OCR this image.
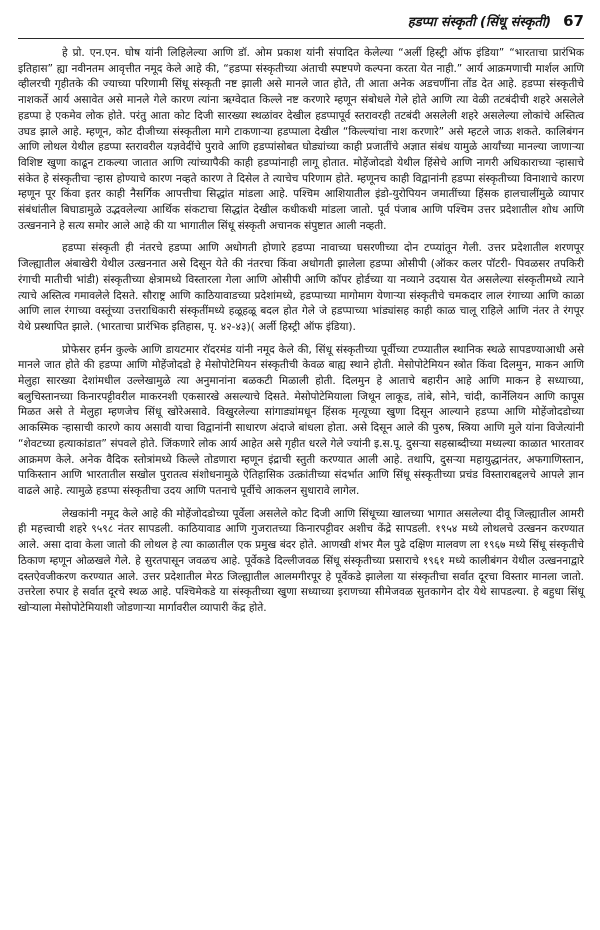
हडप्पा संस्कृती (सिंधू संस्कृती) 67

हे प्रो. एन.एन. घोष यांनी लिहिलेल्या आणि डॉ. ओम प्रकाश यांनी संपादित केलेल्या “अर्ली हिस्ट्री ऑफ इंडिया” “भारताचा प्रारंभिक इतिहास” ह्या नवीनतम आवृत्तीत नमूद केले आहे की, “हडप्पा संस्कृतीच्या अंताची स्पष्टपणे कल्पना करता येत नाही.” आर्य आक्रमणाची मार्शल आणि व्हीलरची गृहीतके की ज्याच्या परिणामी सिंधू संस्कृती नष्ट झाली असे मानले जात होते, ती आता अनेक अडचणींना तोंड देत आहे. हडप्पा संस्कृतीचे नाशकर्ते आर्य असावेत असे मानले गेले कारण त्यांना ऋग्वेदात किल्ले नष्ट करणारे म्हणून संबोधले गेले होते आणि त्या वेळी तटबंदीची शहरे असलेले हडप्पा हे एकमेव लोक होते. परंतु आता कोट दिजी सारख्या स्थळांवर देखील हडप्पापूर्व स्तरावरही तटबंदी असलेली शहरे असलेल्या लोकांचे अस्तित्व उघड झाले आहे. म्हणून, कोट दीजीच्या संस्कृतीला मागे टाकणाऱ्या हडप्पाला देखील “किल्ल्यांचा नाश करणारे” असे म्हटले जाऊ शकते. कालिबंगन आणि लोथल येथील हडप्पा स्तरावरील यज्ञवेदींचे पुरावे आणि हडप्पांसोबत घोड्यांच्या काही प्रजातींचे अज्ञात संबंध यामुळे आर्यांच्या मानल्या जाणाऱ्या विशिष्ट खुणा काढून टाकल्या जातात आणि त्यांच्यापैकी काही हडप्पांनाही लागू होतात. मोहेंजोदडो येथील हिंसेचे आणि नागरी अधिकाराच्या ऱ्हासाचे संकेत हे संस्कृतीचा ऱ्हास होण्याचे कारण नव्हते कारण ते दिसेल ते त्याचेच परिणाम होते. म्हणूनच काही विद्वानांनी हडप्पा संस्कृतीच्या विनाशाचे कारण म्हणून पूर किंवा इतर काही नैसर्गिक आपत्तीचा सिद्धांत मांडला आहे. पश्चिम आशियातील इंडो-युरोपियन जमातींच्या हिंसक हालचालींमुळे व्यापार संबंधांतील बिघाडामुळे उद्भवलेल्या आर्थिक संकटाचा सिद्धांत देखील कधीकधी मांडला जातो. पूर्व पंजाब आणि पश्चिम उत्तर प्रदेशातील शोध आणि उत्खननाने हे सत्य समोर आले आहे की या भागातील सिंधू संस्कृती अचानक संपुष्टात आली नव्हती.

हडप्पा संस्कृती ही नंतरचे हडप्पा आणि अधोगती होणारे हडप्पा नावाच्या घसरणीच्या दोन टप्प्यांतून गेली. उत्तर प्रदेशातील शरणपूर जिल्ह्यातील अंबाखेरी येथील उत्खननात असे दिसून येते की नंतरचा किंवा अधोगती झालेला हडप्पा ओसीपी (ऑकर कलर पॉटरी- पिवळसर तपकिरी रंगाची मातीची भांडी) संस्कृतीच्या क्षेत्रामध्ये विस्तारला गेला आणि ओसीपी आणि कॉपर होर्डच्या या नव्याने उदयास येत असलेल्या संस्कृतीमध्ये त्याने त्याचे अस्तित्व गमावलेले दिसते. सौराष्ट्र आणि काठियावाडच्या प्रदेशांमध्ये, हडप्पाच्या मागोमाग येणाऱ्या संस्कृतीचे चमकदार लाल रंगाच्या आणि काळा आणि लाल रंगाच्या वस्तूंच्या उत्तराधिकारी संस्कृतींमध्ये हळूहळू बदल होत गेले जे हडप्पाच्या भांड्यांसह काही काळ चालू राहिले आणि नंतर ते रंगपूर येथे प्रस्थापित झाले. (भारताचा प्रारंभिक इतिहास, पृ. ४२-४३)( अर्ली हिस्ट्री ऑफ इंडिया).

प्रोफेसर हर्मन कुल्के आणि डायटमार रॉदरमंड यांनी नमूद केले की, सिंधू संस्कृतीच्या पूर्वीच्या टप्प्यातील स्थानिक स्थळे सापडण्याआधी असे मानले जात होते की हडप्पा आणि मोहेंजोदडो हे मेसोपोटेमियन संस्कृतीची केवळ बाह्य स्थाने होती. मेसोपोटेमियन स्त्रोत किंवा दिलमुन, माकन आणि मेलुहा सारख्या देशांमधील उल्लेखामुळे त्या अनुमानांना बळकटी मिळाली होती. दिलमुन हे आताचे बहारीन आहे आणि माकन हे सध्याच्या, बलुचिस्तानच्या किनारपट्टीवरील माकरनशी एकसारखे असल्याचे दिसते. मेसोपोटेमियाला जिथून लाकूड, तांबे, सोने, चांदी, कार्नेलियन आणि कापूस मिळत असे ते मेलुहा म्हणजेच सिंधू खोरेअसावे. विखुरलेल्या सांगाड्यांमधून हिंसक मृत्यूच्या खुणा दिसून आल्याने हडप्पा आणि मोहेंजोदडोच्या आकस्मिक ऱ्हासाची कारणे काय असावी याचा विद्वानांनी साधारण अंदाजे बांधला होता. असे दिसून आले की पुरुष, स्त्रिया आणि मुले यांना विजेत्यांनी “शेवटच्या हत्याकांडात” संपवले होते. जिंकणारे लोक आर्य आहेत असे गृहीत धरले गेले ज्यांनी इ.स.पू. दुसऱ्या सहस्राब्दीच्या मध्यल्या काळात भारतावर आक्रमण केले. अनेक वैदिक स्तोत्रांमध्ये किल्ले तोडणारा म्हणून इंद्राची स्तुती करण्यात आली आहे. तथापि, दुसऱ्या महायुद्धानंतर, अफगाणिस्तान, पाकिस्तान आणि भारतातील सखोल पुरातत्व संशोधनामुळे ऐतिहासिक उत्क्रांतीच्या संदर्भात आणि सिंधू संस्कृतीच्या प्रचंड विस्ताराबद्दलचे आपले ज्ञान वाढले आहे. त्यामुळे हडप्पा संस्कृतीचा उदय आणि पतनाचे पूर्वीचे आकलन सुधारावे लागेल.

लेखकांनी नमूद केले आहे की मोहेंजोदडोच्या पूर्वेला असलेले कोट दिजी आणि सिंधूच्या खालच्या भागात असलेल्या दीवू जिल्ह्यातील आमरी ही महत्त्वाची शहरे ९५९८ नंतर सापडली. काठियावाड आणि गुजरातच्या किनारपट्टीवर अशीच केंद्रे सापडली. १९५४ मध्ये लोथलचे उत्खनन करण्यात आले. असा दावा केला जातो की लोथल हे त्या काळातील एक प्रमुख बंदर होते. आणखी शंभर मैल पुढे दक्षिण मालवण ला १९६७ मध्ये सिंधू संस्कृतीचे ठिकाण म्हणून ओळखले गेले. हे सुरतपासून जवळच आहे. पूर्वेकडे दिल्लीजवळ सिंधू संस्कृतीच्या प्रसाराचे १९६१ मध्ये कालीबंगन येथील उत्खननाद्वारे दस्तऐवजीकरण करण्यात आले. उत्तर प्रदेशातील मेरठ जिल्ह्यातील आलमगीरपूर हे पूर्वेकडे झालेला या संस्कृतीचा सर्वात दूरचा विस्तार मानला जातो. उत्तरेला रुपार हे सर्वात दूरचे स्थळ आहे. पश्चिमेकडे या संस्कृतीच्या खुणा सध्याच्या इराणच्या सीमेजवळ सुतकागेन दोर येथे सापडल्या. हे बहुधा सिंधू खोऱ्याला मेसोपोटेमियाशी जोडणाऱ्या मार्गावरील व्यापारी केंद्र होते.
